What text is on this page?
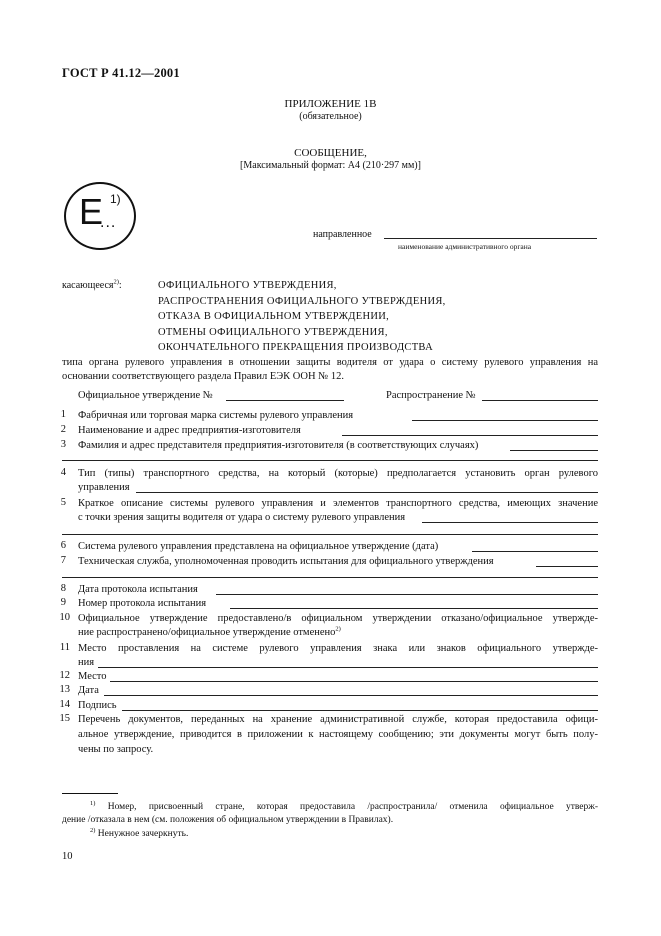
ГОСТ Р 41.12—2001
ПРИЛОЖЕНИЕ 1В
(обязательное)
СООБЩЕНИЕ,
[Максимальный формат: А4 (210·297 мм)]
Е 1)
...
направленное
наименование административного органа
касающееся$^{2)}$:	ОФИЦИАЛЬНОГО УТВЕРЖДЕНИЯ,
РАСПРОСТРАНЕНИЯ ОФИЦИАЛЬНОГО УТВЕРЖДЕНИЯ,
ОТКАЗА В ОФИЦИАЛЬНОМ УТВЕРЖДЕНИИ,
ОТМЕНЫ ОФИЦИАЛЬНОГО УТВЕРЖДЕНИЯ,
ОКОНЧАТЕЛЬНОГО ПРЕКРАЩЕНИЯ ПРОИЗВОДСТВА
типа органа рулевого управления в отношении защиты водителя от удара о систему рулевого управления на
основании соответствующего раздела Правил ЕЭК ООН № 12.
Официальное утверждение №	Распространение №
1 Фабричная или торговая марка системы рулевого управления
2 Наименование и адрес предприятия-изготовителя
3 Фамилия и адрес представителя предприятия-изготовителя (в соответствующих случаях)
4 Тип (типы) транспортного средства, на который (которые) предполагается установить орган рулевого
управления
5 Краткое описание системы рулевого управления и элементов транспортного средства, имеющих значение
с точки зрения защиты водителя от удара о систему рулевого управления
6 Система рулевого управления представлена на официальное утверждение (дата)
7 Техническая служба, уполномоченная проводить испытания для официального утверждения
8 Дата протокола испытания
9 Номер протокола испытания
10 Официальное утверждение предоставлено/в официальном утверждении отказано/официальное утвержде-
ние распространено/официальное утверждение отменено$^{2)}$
11 Место проставления на системе рулевого управления знака или знаков официального утвержде-
ния
12 Место
13 Дата
14 Подпись
15 Перечень документов, переданных на хранение административной службе, которая предоставила офици-
альное утверждение, приводится в приложении к настоящему сообщению; эти документы могут быть полу-
чены по запросу.
$^{1)}$ Номер, присвоенный стране, которая предоставила /распространила/ отменила официальное утверж-
дение /отказала в нем (см. положения об официальном утверждении в Правилах).
$^{2)}$ Ненужное зачеркнуть.
10
